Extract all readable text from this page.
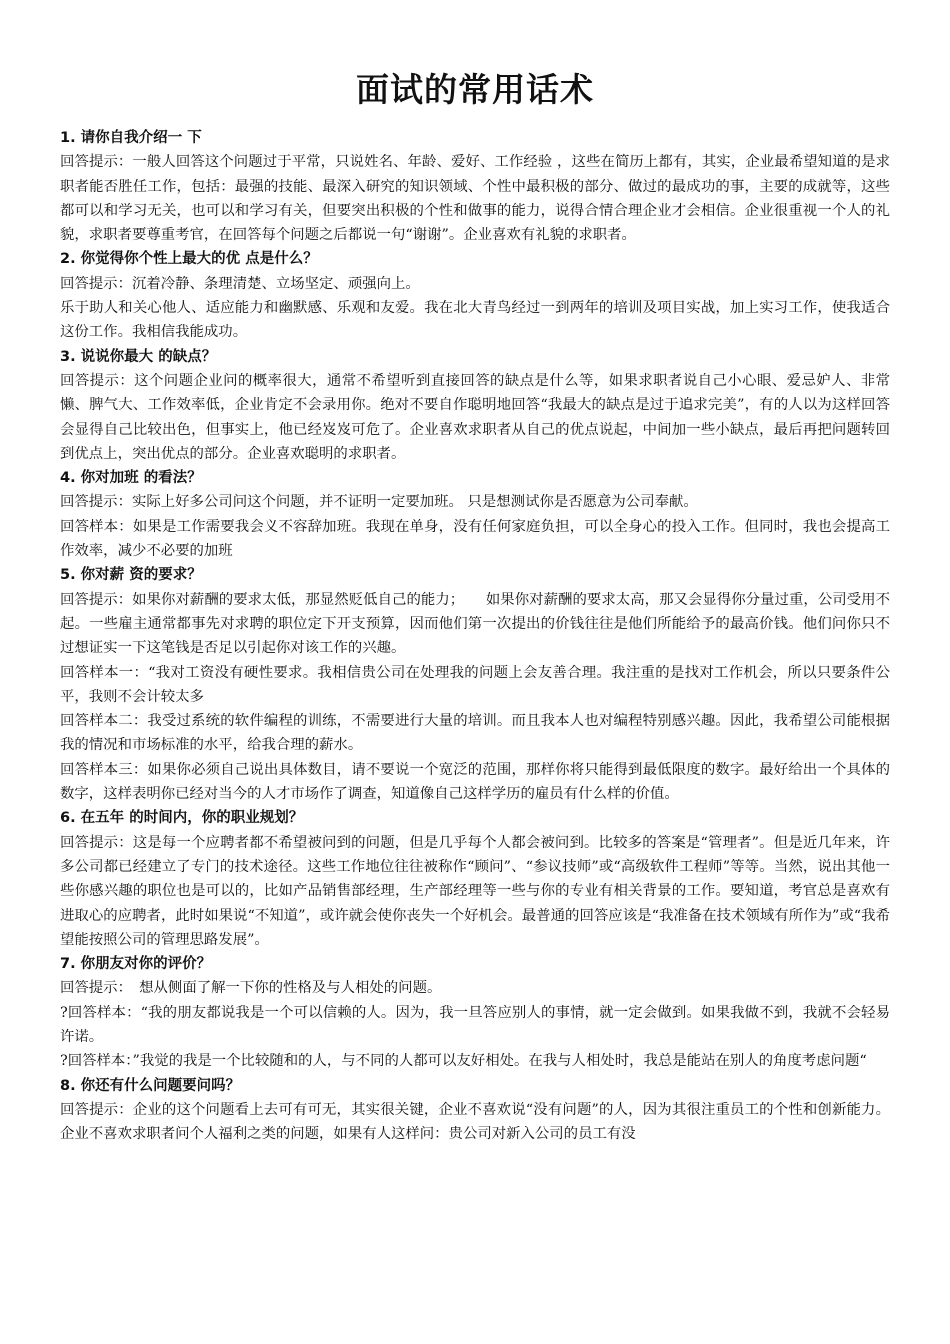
面试的常用话术
1. 请你自我介绍一 下

回答提示：一般人回答这个问题过于平常，只说姓名、年龄、爱好、工作经验 ，这些在简历上都有，其实，企业最希望知道的是求职者能否胜任工作，包括：最强的技能、最深入研究的知识领域、个性中最积极的部分、做过的最成功的事，主要的成就等，这些都可以和学习无关，也可以和学习有关，但要突出积极的个性和做事的能力，说得合情合理企业才会相信。企业很重视一个人的礼貌，求职者要尊重考官，在回答每个问题之后都说一句“谢谢”。企业喜欢有礼貌的求职者。

2. 你觉得你个性上最大的优 点是什么？

回答提示：沉着冷静、条理清楚、立场坚定、顽强向上。

乐于助人和关心他人、适应能力和幽默感、乐观和友爱。我在北大青鸟经过一到两年的培训及项目实战，加上实习工作，使我适合这份工作。我相信我能成功。

3. 说说你最大 的缺点？

回答提示：这个问题企业问的概率很大，通常不希望听到直接回答的缺点是什么等，如果求职者说自己小心眼、爱忌妒人、非常懒、脾气大、工作效率低，企业肯定不会录用你。绝对不要自作聪明地回答“我最大的缺点是过于追求完美”，有的人以为这样回答会显得自己比较出色，但事实上，他已经岌岌可危了。企业喜欢求职者从自己的优点说起，中间加一些小缺点，最后再把问题转回到优点上，突出优点的部分。企业喜欢聪明的求职者。

4. 你对加班 的看法？

回答提示：实际上好多公司问这个问题，并不证明一定要加班。 只是想测试你是否愿意为公司奉献。

回答样本：如果是工作需要我会义不容辞加班。我现在单身，没有任何家庭负担，可以全身心的投入工作。但同时，我也会提高工作效率，减少不必要的加班

5. 你对薪 资的要求？

回答提示：如果你对薪酬的要求太低，那显然贬低自己的能力；　　如果你对薪酬的要求太高，那又会显得你分量过重，公司受用不起。一些雇主通常都事先对求聘的职位定下开支预算，因而他们第一次提出的价钱往往是他们所能给予的最高价钱。他们问你只不过想证实一下这笔钱是否足以引起你对该工作的兴趣。

回答样本一：“我对工资没有硬性要求。我相信贵公司在处理我的问题上会友善合理。我注重的是找对工作机会，所以只要条件公平，我则不会计较太多

回答样本二：我受过系统的软件编程的训练，不需要进行大量的培训。而且我本人也对编程特别感兴趣。因此，我希望公司能根据我的情况和市场标准的水平，给我合理的薪水。

回答样本三：如果你必须自己说出具体数目，请不要说一个宽泛的范围，那样你将只能得到最低限度的数字。最好给出一个具体的数字，这样表明你已经对当今的人才市场作了调查，知道像自己这样学历的雇员有什么样的价值。

6. 在五年 的时间内，你的职业规划？

回答提示：这是每一个应聘者都不希望被问到的问题，但是几乎每个人都会被问到。比较多的答案是“管理者”。但是近几年来，许多公司都已经建立了专门的技术途径。这些工作地位往往被称作“顾问”、“参议技师”或“高级软件工程师”等等。当然，说出其他一些你感兴趣的职位也是可以的，比如产品销售部经理，生产部经理等一些与你的专业有相关背景的工作。要知道，考官总是喜欢有进取心的应聘者，此时如果说“不知道”，或许就会使你丧失一个好机会。最普通的回答应该是“我准备在技术领域有所作为”或“我希望能按照公司的管理思路发展”。

7. 你朋友对你的评价？

回答提示：　想从侧面了解一下你的性格及与人相处的问题。

?回答样本：“我的朋友都说我是一个可以信赖的人。因为，我一旦答应别人的事情，就一定会做到。如果我做不到，我就不会轻易许诺。

?回答样本：”我觉的我是一个比较随和的人，与不同的人都可以友好相处。在我与人相处时，我总是能站在别人的角度考虑问题“

8. 你还有什么问题要问吗？

回答提示：企业的这个问题看上去可有可无，其实很关键，企业不喜欢说“没有问题”的人，因为其很注重员工的个性和创新能力。企业不喜欢求职者问个人福利之类的问题，如果有人这样问：贵公司对新入公司的员工有没
